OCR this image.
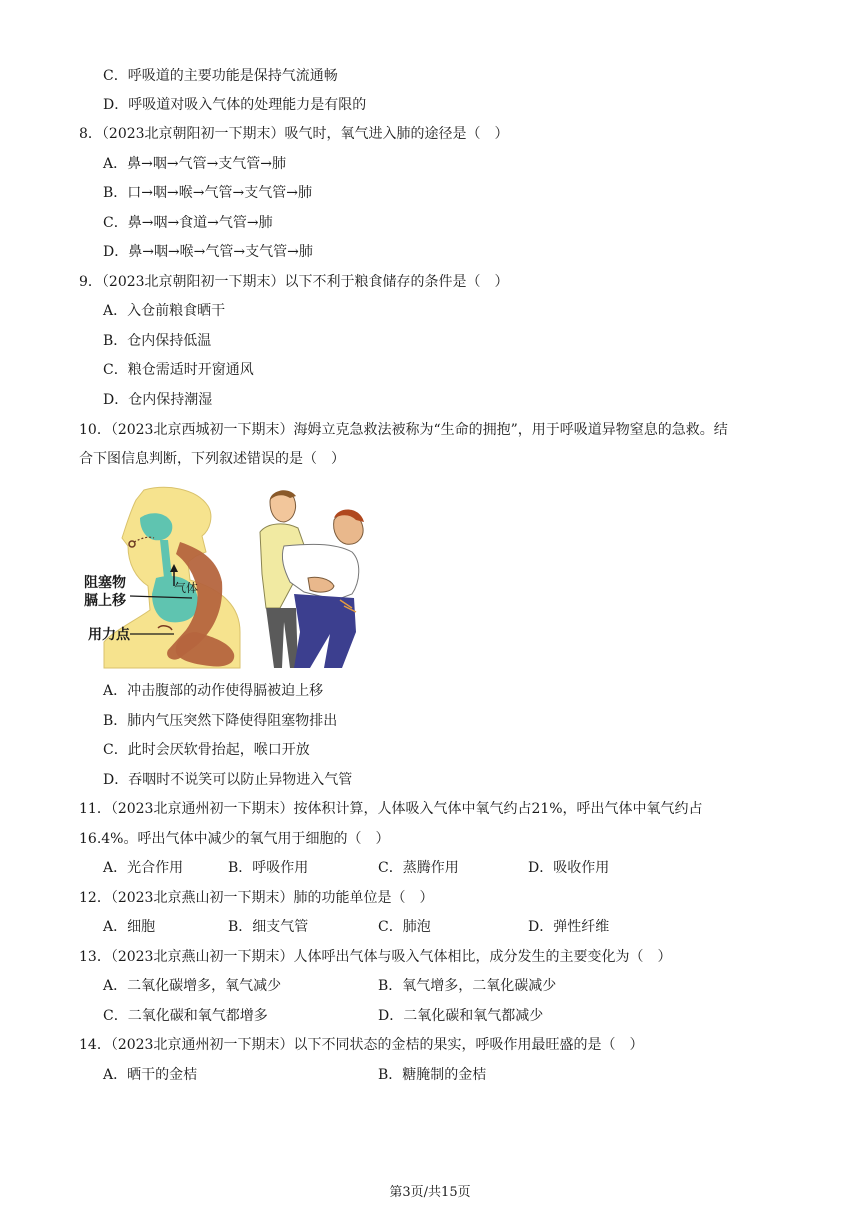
C．呼吸道的主要功能是保持气流通畅
D．呼吸道对吸入气体的处理能力是有限的
8．（2023北京朝阳初一下期末）吸气时，氧气进入肺的途径是（　）
A．鼻→咽→气管→支气管→肺
B．口→咽→喉→气管→支气管→肺
C．鼻→咽→食道→气管→肺
D．鼻→咽→喉→气管→支气管→肺
9．（2023北京朝阳初一下期末）以下不利于粮食储存的条件是（　）
A．入仓前粮食晒干
B．仓内保持低温
C．粮仓需适时开窗通风
D．仓内保持潮湿
10．（2023北京西城初一下期末）海姆立克急救法被称为“生命的拥抱”，用于呼吸道异物窒息的急救。结
合下图信息判断，下列叙述错误的是（　）
气体
阻塞物
膈上移
用力点
A．冲击腹部的动作使得膈被迫上移
B．肺内气压突然下降使得阻塞物排出
C．此时会厌软骨抬起，喉口开放
D．吞咽时不说笑可以防止异物进入气管
11．（2023北京通州初一下期末）按体积计算，人体吸入气体中氧气约占21%，呼出气体中氧气约占
16.4%。呼出气体中减少的氧气用于细胞的（　）
A．光合作用	B．呼吸作用	C．蒸腾作用	D．吸收作用
12．（2023北京燕山初一下期末）肺的功能单位是（　）
A．细胞	B．细支气管	C．肺泡	D．弹性纤维
13．（2023北京燕山初一下期末）人体呼出气体与吸入气体相比，成分发生的主要变化为（　）
A．二氧化碳增多，氧气减少	B．氧气增多，二氧化碳减少
C．二氧化碳和氧气都增多	D．二氧化碳和氧气都减少
14．（2023北京通州初一下期末）以下不同状态的金桔的果实，呼吸作用最旺盛的是（　）
A．晒干的金桔	B．糖腌制的金桔
第3页/共15页
